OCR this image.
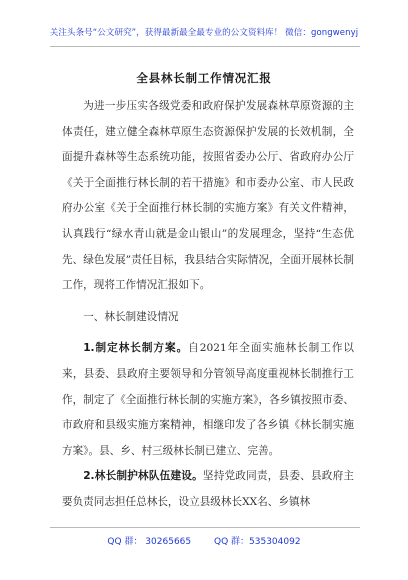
关注头条号“公文研究”，获得最新最全最专业的公文资料库！ 微信：gongwenyj
全县林长制工作情况汇报

为进一步压实各级党委和政府保护发展森林草原资源的主体责任，建立健全森林草原生态资源保护发展的长效机制，全面提升森林等生态系统功能，按照省委办公厅、省政府办公厅《关于全面推行林长制的若干措施》和市委办公室、市人民政府办公室《关于全面推行林长制的实施方案》有关文件精神，认真践行“绿水青山就是金山银山”的发展理念，坚持“生态优先、绿色发展”责任目标，我县结合实际情况，全面开展林长制工作，现将工作情况汇报如下。

一、林长制建设情况

1.制定林长制方案。自2021年全面实施林长制工作以来，县委、县政府主要领导和分管领导高度重视林长制推行工作，制定了《全面推行林长制的实施方案》，各乡镇按照市委、市政府和县级实施方案精神，相继印发了各乡镇《林长制实施方案》。县、乡、村三级林长制已建立、完善。

2.林长制护林队伍建设。坚持党政同责，县委、县政府主要负责同志担任总林长，设立县级林长XX名、乡镇林

QQ 群： 30265665	QQ 群：535304092
